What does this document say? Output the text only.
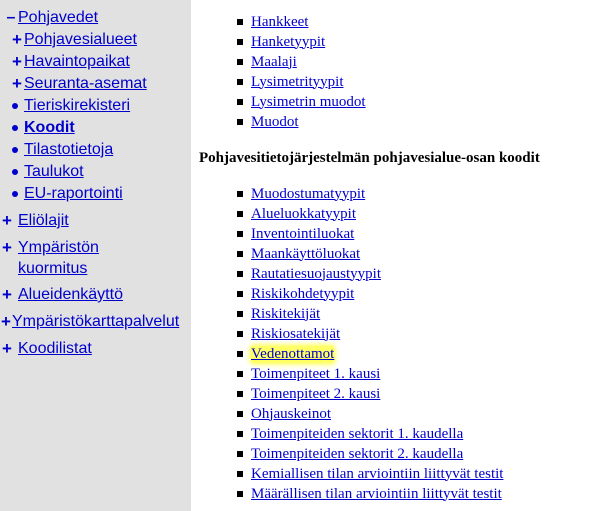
– Pohjavedet
+ Pohjavesialueet
+ Havaintopaikat
+ Seuranta-asemat
Tieriskirekisteri
Koodit
Tilastotietoja
Taulukot
EU-raportointi
+ Eliölajit
+ Ympäristön
kuormitus
+ Alueidenkäyttö
+ Ympäristökarttapalvelut
+ Koodilistat
Hankkeet
Hanketyypit
Maalaji
Lysimetrityypit
Lysimetrin muodot
Muodot
Pohjavesitietojärjestelmän pohjavesialue-osan koodit
Muodostumatyypit
Alueluokkatyypit
Inventointiluokat
Maankäyttöluokat
Rautatiesuojaustyypit
Riskikohdetyypit
Riskitekijät
Riskiosatekijät
Vedenottamot
Toimenpiteet 1. kausi
Toimenpiteet 2. kausi
Ohjauskeinot
Toimenpiteiden sektorit 1. kaudella
Toimenpiteiden sektorit 2. kaudella
Kemiallisen tilan arviointiin liittyvät testit
Määrällisen tilan arviointiin liittyvät testit
